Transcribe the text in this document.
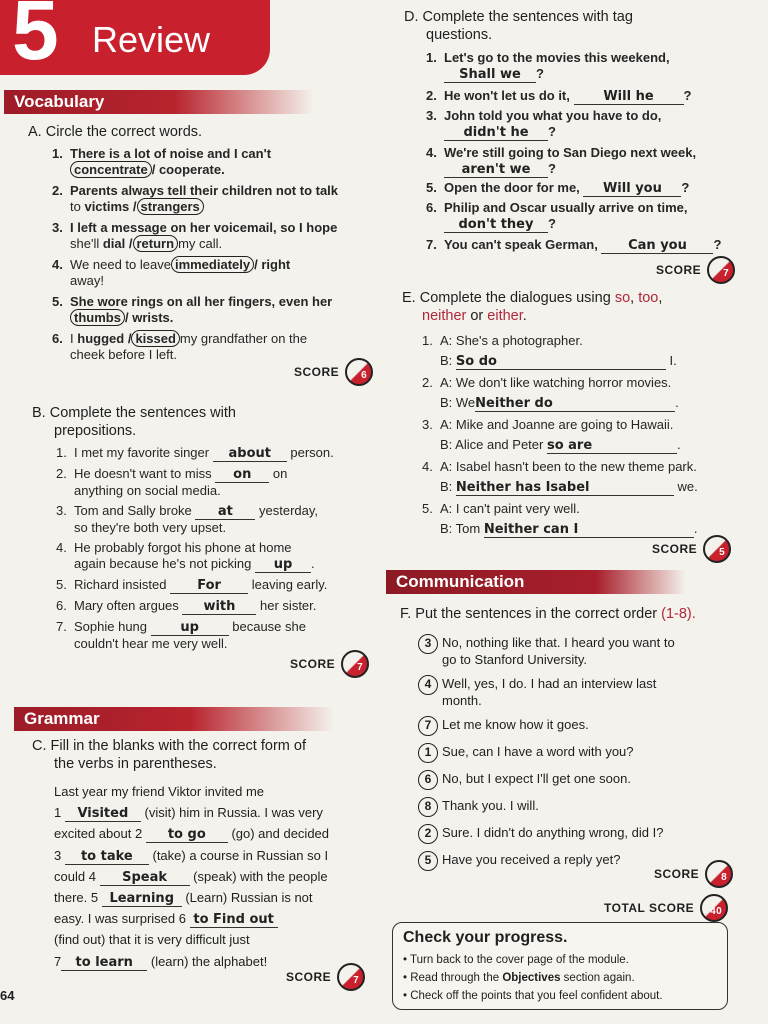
5 Review
Vocabulary
A. Circle the correct words.
1. There is a lot of noise and I can't
concentrate / cooperate.
2. Parents always tell their children not to talk
to victims / strangers
3. I left a message on her voicemail, so I hope
she'll dial / return my call.
4. We need to leave immediately / right
away!
5. She wore rings on all her fingers, even her
thumbs / wrists.
6. I hugged / kissed my grandfather on the
cheek before I left.
SCORE	6
B. Complete the sentences with
prepositions.
1. I met my favorite singer about person.
2. He doesn't want to miss on on
anything on social media.
3. Tom and Sally broke at yesterday,
so they're both very upset.
4. He probably forgot his phone at home
again because he's not picking up .
5. Richard insisted For leaving early.
6. Mary often argues with her sister.
7. Sophie hung	up	because she
couldn't hear me very well.
SCORE	7
Grammar
C. Fill in the blanks with the correct form of
the verbs in parentheses.
Last year my friend Viktor invited me
1 Visited (visit) him in Russia. I was very
excited about 2 to go (go) and decided
3 to take (take) a course in Russian so I
could 4 Speak (speak) with the people
there. 5 Learning (Learn) Russian is not
easy. I was surprised 6 to Find out
(find out) that it is very difficult just
7 to learn (learn) the alphabet!
SCORE	7
64
D. Complete the sentences with tag
questions.
1. Let's go to the movies this weekend,
Shall we ?
2. He won't let us do it,	Will he ?
3. John told you what you have to do,
didn't he ?
4. We're still going to San Diego next week,
aren't we ?
5. Open the door for me, Will you ?
6. Philip and Oscar usually arrive on time,
don't they ?
7. You can't speak German, Can you ?
SCORE	7
E. Complete the dialogues using so, too,
neither or either.
1. A: She's a photographer.
B: So do	I.
2. A: We don't like watching horror movies.
B: WeNeither do	.
3. A: Mike and Joanne are going to Hawaii.
B: Alice and Peter so are	.
4. A: Isabel hasn't been to the new theme park.
B: Neither has Isabel	we.
5. A: I can't paint very well.
B: Tom Neither can I	.
SCORE	5
Communication
F. Put the sentences in the correct order (1-8).
3 No, nothing like that. I heard you want to
go to Stanford University.
4 Well, yes, I do. I had an interview last
month.
7 Let me know how it goes.
1 Sue, can I have a word with you?
6 No, but I expect I'll get one soon.
8 Thank you. I will.
2 Sure. I didn't do anything wrong, did I?
5 Have you received a reply yet?
SCORE	8
TOTAL SCORE	40
Check your progress.
• Turn back to the cover page of the module.
• Read through the Objectives section again.
• Check off the points that you feel confident about.
